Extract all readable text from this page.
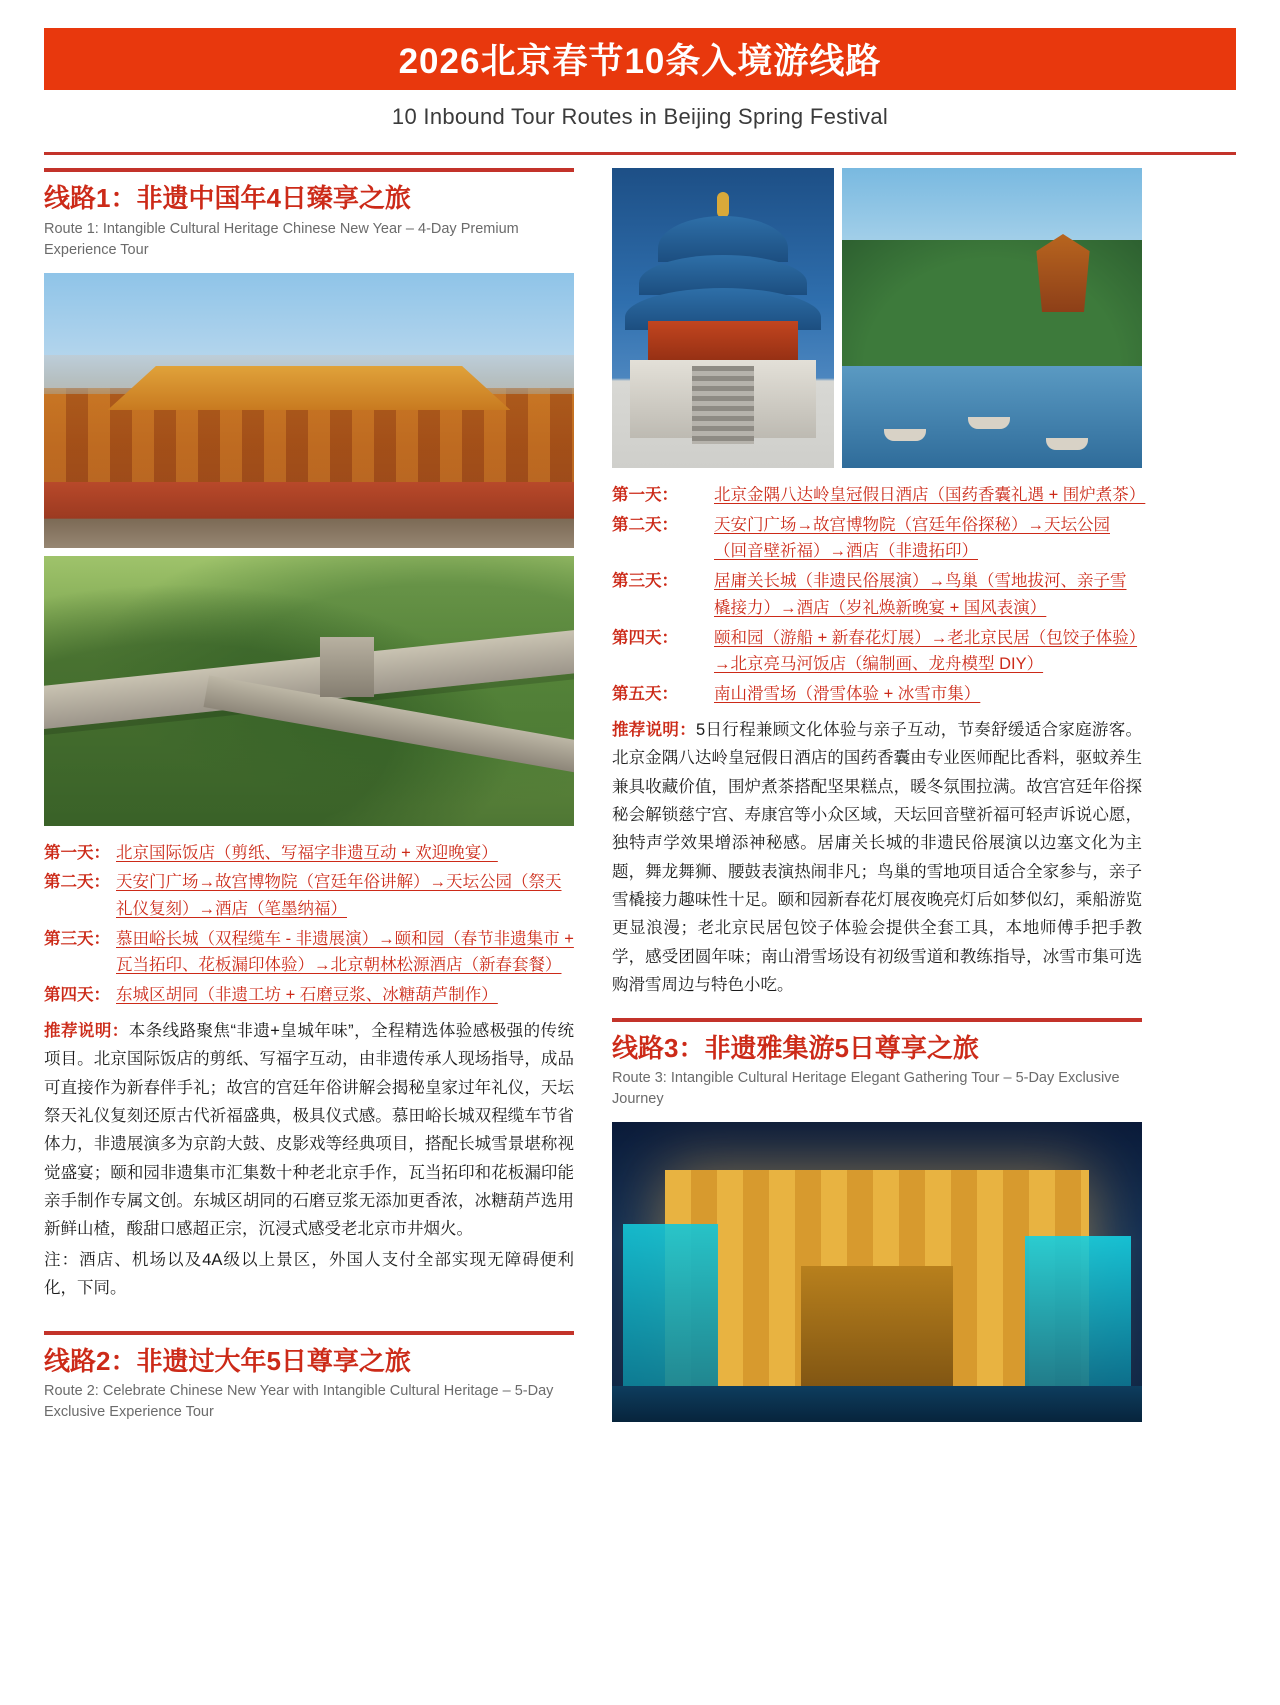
2026北京春节10条入境游线路
10 Inbound Tour Routes in Beijing Spring Festival
线路1：非遗中国年4日臻享之旅
Route 1: Intangible Cultural Heritage Chinese New Year – 4-Day Premium Experience Tour
第一天： 北京国际饭店（剪纸、写福字非遗互动 + 欢迎晚宴）
第二天： 天安门广场→故宫博物院（宫廷年俗讲解）→天坛公园（祭天礼仪复刻）→酒店（笔墨纳福）
第三天： 慕田峪长城（双程缆车 - 非遗展演）→颐和园（春节非遗集市 + 瓦当拓印、花板漏印体验）→北京朝林松源酒店（新春套餐）
第四天： 东城区胡同（非遗工坊 + 石磨豆浆、冰糖葫芦制作）
推荐说明：本条线路聚焦“非遗+皇城年味”，全程精选体验感极强的传统项目。北京国际饭店的剪纸、写福字互动，由非遗传承人现场指导，成品可直接作为新春伴手礼；故宫的宫廷年俗讲解会揭秘皇家过年礼仪，天坛祭天礼仪复刻还原古代祈福盛典，极具仪式感。慕田峪长城双程缆车节省体力，非遗展演多为京韵大鼓、皮影戏等经典项目，搭配长城雪景堪称视觉盛宴；颐和园非遗集市汇集数十种老北京手作，瓦当拓印和花板漏印能亲手制作专属文创。东城区胡同的石磨豆浆无添加更香浓，冰糖葫芦选用新鲜山楂，酸甜口感超正宗，沉浸式感受老北京市井烟火。
注：酒店、机场以及4A级以上景区，外国人支付全部实现无障碍便利化，下同。
线路2：非遗过大年5日尊享之旅
Route 2: Celebrate Chinese New Year with Intangible Cultural Heritage – 5-Day Exclusive Experience Tour
第一天：	北京金隅八达岭皇冠假日酒店（国药香囊礼遇 + 围炉煮茶）
第二天：	天安门广场→故宫博物院（宫廷年俗探秘）→天坛公园（回音壁祈福）→酒店（非遗拓印）
第三天：	居庸关长城（非遗民俗展演）→鸟巢（雪地拔河、亲子雪橇接力）→酒店（岁礼焕新晚宴 + 国风表演）
第四天：	颐和园（游船 + 新春花灯展）→老北京民居（包饺子体验）→北京亮马河饭店（编制画、龙舟模型 DIY）
第五天：	南山滑雪场（滑雪体验 + 冰雪市集）
推荐说明：5日行程兼顾文化体验与亲子互动，节奏舒缓适合家庭游客。北京金隅八达岭皇冠假日酒店的国药香囊由专业医师配比香料，驱蚊养生兼具收藏价值，围炉煮茶搭配坚果糕点，暖冬氛围拉满。故宫宫廷年俗探秘会解锁慈宁宫、寿康宫等小众区域，天坛回音壁祈福可轻声诉说心愿，独特声学效果增添神秘感。居庸关长城的非遗民俗展演以边塞文化为主题，舞龙舞狮、腰鼓表演热闹非凡；鸟巢的雪地项目适合全家参与，亲子雪橇接力趣味性十足。颐和园新春花灯展夜晚亮灯后如梦似幻，乘船游览更显浪漫；老北京民居包饺子体验会提供全套工具，本地师傅手把手教学，感受团圆年味；南山滑雪场设有初级雪道和教练指导，冰雪市集可选购滑雪周边与特色小吃。
线路3：非遗雅集游5日尊享之旅
Route 3: Intangible Cultural Heritage Elegant Gathering Tour – 5-Day Exclusive Journey
